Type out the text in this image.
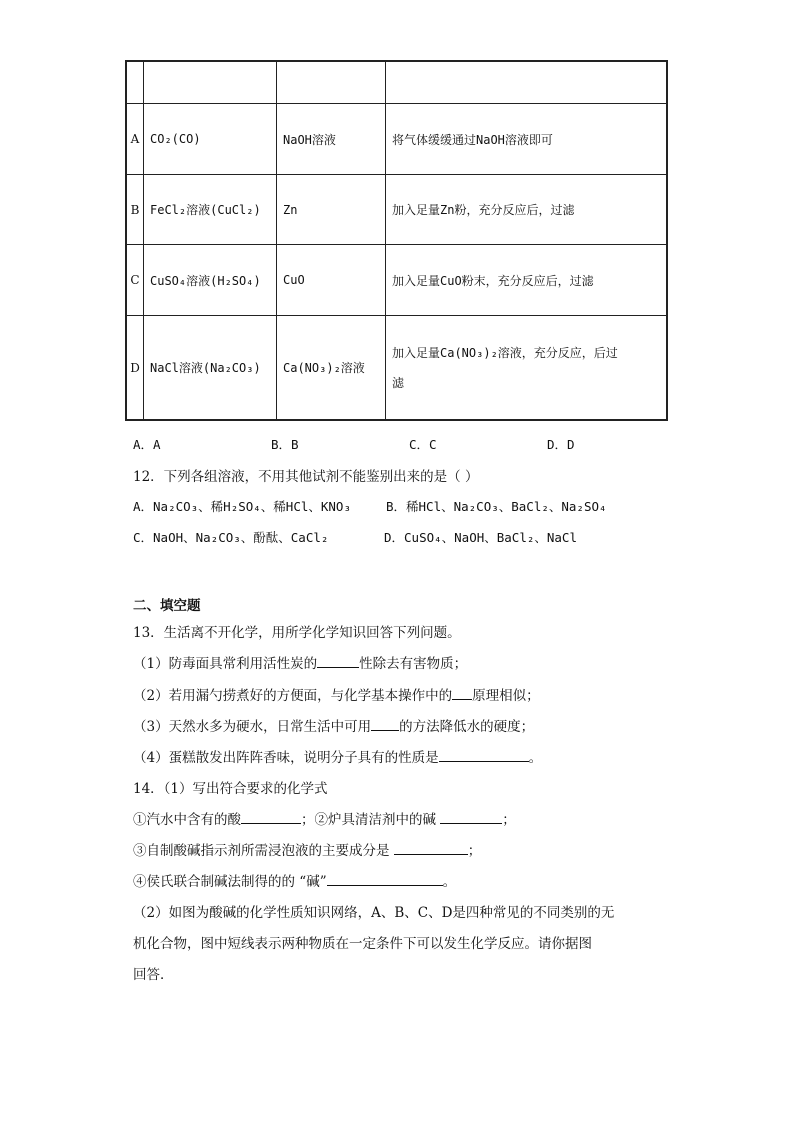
A	CO₂(CO)	NaOH溶液	将气体缓缓通过NaOH溶液即可
B	FeCl₂溶液(CuCl₂)	Zn	加入足量Zn粉，充分反应后，过滤
C	CuSO₄溶液(H₂SO₄)	CuO	加入足量CuO粉末，充分反应后，过滤
D	NaCl溶液(Na₂CO₃)	Ca(NO₃)₂溶液	加入足量Ca(NO₃)₂溶液，充分反应，后过
滤
A．A	B．B	C．C	D．D
12．下列各组溶液，不用其他试剂不能鉴别出来的是（ ）
A．Na₂CO₃、稀H₂SO₄、稀HCl、KNO₃	B．稀HCl、Na₂CO₃、BaCl₂、Na₂SO₄
C．NaOH、Na₂CO₃、酚酞、CaCl₂	D．CuSO₄、NaOH、BaCl₂、NaCl
二、填空题
13．生活离不开化学，用所学化学知识回答下列问题。
（1）防毒面具常利用活性炭的	性除去有害物质；
（2）若用漏勺捞煮好的方便面，与化学基本操作中的 原理相似；
（3）天然水多为硬水，日常生活中可用 的方法降低水的硬度；
（4）蛋糕散发出阵阵香味，说明分子具有的性质是	。
14．（1）写出符合要求的化学式
①汽水中含有的酸	；②炉具清洁剂中的碱	；
③自制酸碱指示剂所需浸泡液的主要成分是	；
④侯氏联合制碱法制得的的 “碱”	。
（2）如图为酸碱的化学性质知识网络，A、B、C、D是四种常见的不同类别的无
机化合物，图中短线表示两种物质在一定条件下可以发生化学反应。请你据图
回答．
